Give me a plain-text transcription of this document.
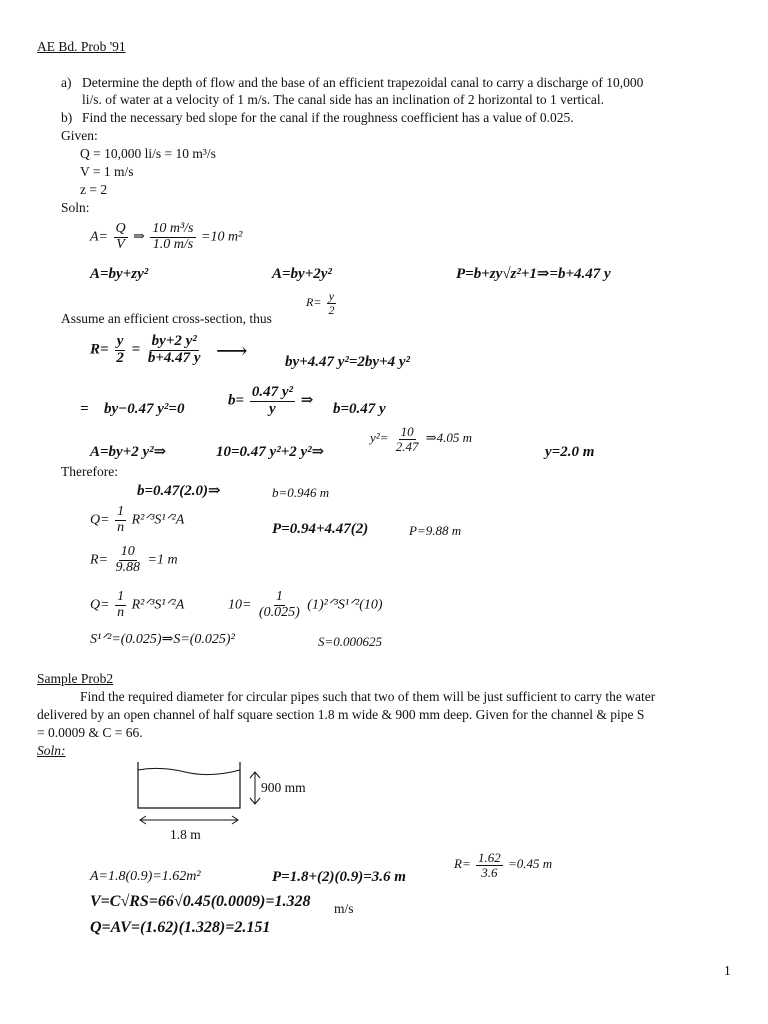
AE Bd. Prob '91
a) Determine the depth of flow and the base of an efficient trapezoidal canal to carry a discharge of 10,000
li/s. of water at a velocity of 1 m/s. The canal side has an inclination of 2 horizontal to 1 vertical.
b) Find the necessary bed slope for the canal if the roughness coefficient has a value of 0.025.
Given:
Q = 10,000 li/s = 10 m³/s
V = 1 m/s
z = 2
Soln:
$A= \frac{Q}{V}$ ⇒ $\frac{\text{10 m³/s}}{1.0 m/s} =10$ m²
A=by+zy²	A=by+2y²	P=b+zy√z²+1⇒=b+4.47 y
$R= \frac{y}{2}$
Assume an efficient cross-section, thus
$R= \frac{y}{2} = \frac{\text{by+2 y²}}{b+4.47 y}$ ⟶ by+4.47 y²=2by+4 y²
= by−0.47 y²=0
$b= \frac{\text{0.47 y²}}{y}$ ⇒
b=0.47 y
A=by+2 y²⇒	10=0.47 y²+2 y²⇒
$y^2= \frac{10}{2.47}$ ⇒4.05 m
y=2.0 m
Therefore:
b=0.47(2.0)⇒	b=0.946 m
$Q= \frac{1}{n}$ R²ᐟ³S¹ᐟ²A
P=0.94+4.47(2)	P=9.88 m
$R= \frac{10}{9.88} =1$ m
$Q= \frac{1}{n}$ R²ᐟ³S¹ᐟ²A	$10= \frac{1}{(0.025)}$ (1)²ᐟ³S¹ᐟ²(10)
S¹ᐟ²=(0.025)⇒S=(0.025)²	S=0.000625
Sample Prob2
Find the required diameter for circular pipes such that two of them will be just sufficient to carry the water
delivered by an open channel of half square section 1.8 m wide & 900 mm deep. Given for the channel & pipe S
= 0.0009 & C = 66.
Soln:
900 mm
1.8 m
A=1.8(0.9)=1.62m²	P=1.8+(2)(0.9)=3.6 m
$R= \frac{1.62}{3.6} =0.45$ m
V=C√RS=66√0.45(0.0009)=1.328 m/s
Q=AV=(1.62)(1.328)=2.151
1
